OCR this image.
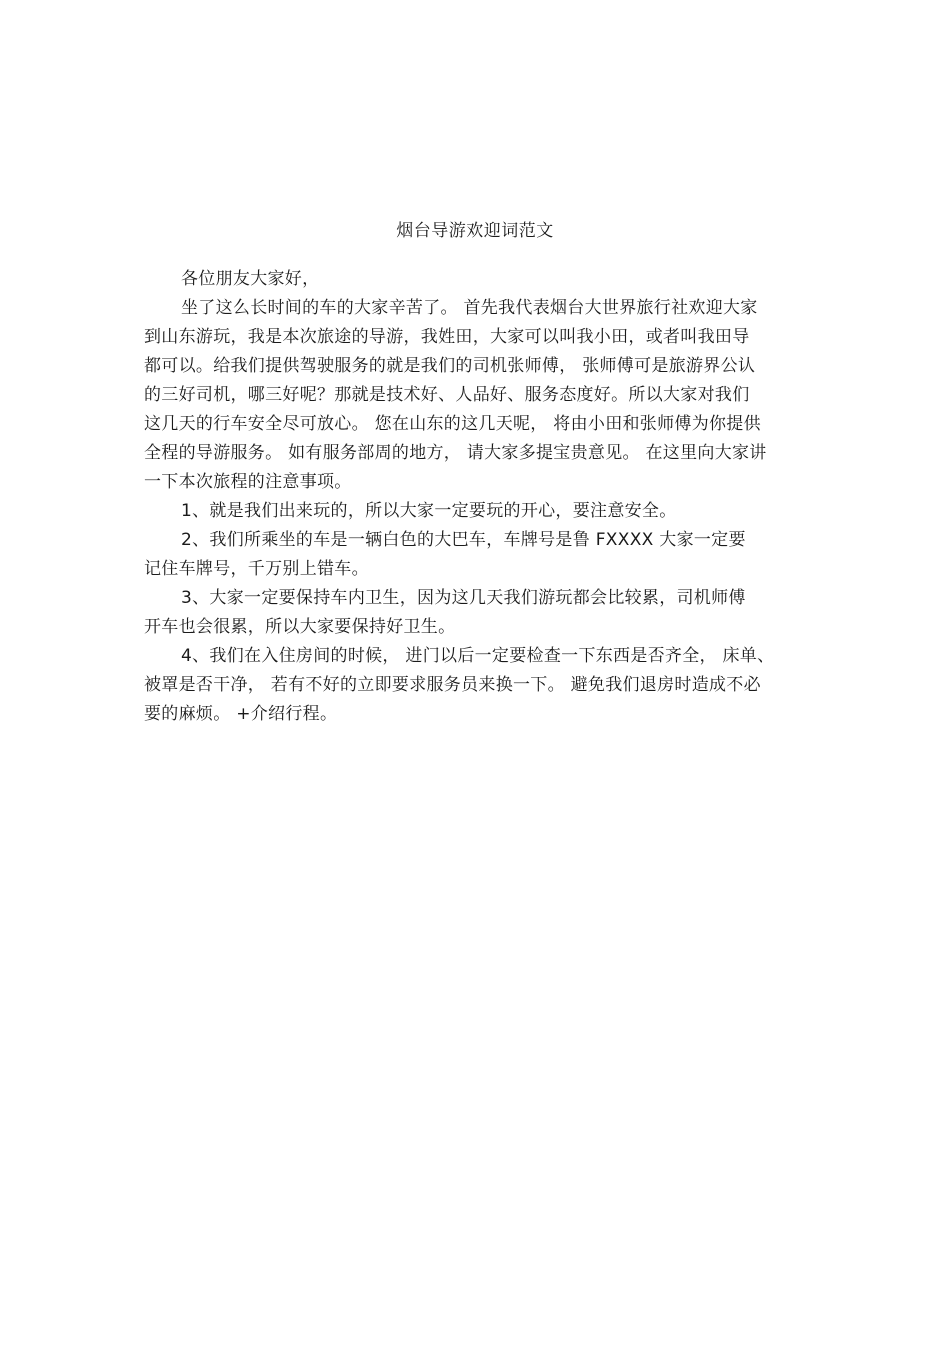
烟台导游欢迎词范文
各位朋友大家好，
坐了这么长时间的车的大家辛苦了。 首先我代表烟台大世界旅行社欢迎大家
到山东游玩，我是本次旅途的导游，我姓田，大家可以叫我小田，或者叫我田导
都可以。给我们提供驾驶服务的就是我们的司机张师傅， 张师傅可是旅游界公认
的三好司机，哪三好呢？那就是技术好、人品好、服务态度好。所以大家对我们
这几天的行车安全尽可放心。 您在山东的这几天呢， 将由小田和张师傅为你提供
全程的导游服务。 如有服务部周的地方， 请大家多提宝贵意见。 在这里向大家讲
一下本次旅程的注意事项。
1、就是我们出来玩的，所以大家一定要玩的开心，要注意安全。
2、我们所乘坐的车是一辆白色的大巴车，车牌号是鲁 FXXXX 大家一定要
记住车牌号，千万别上错车。
3、大家一定要保持车内卫生，因为这几天我们游玩都会比较累，司机师傅
开车也会很累，所以大家要保持好卫生。
4、我们在入住房间的时候， 进门以后一定要检查一下东西是否齐全， 床单、
被罩是否干净， 若有不好的立即要求服务员来换一下。 避免我们退房时造成不必
要的麻烦。 +介绍行程。
